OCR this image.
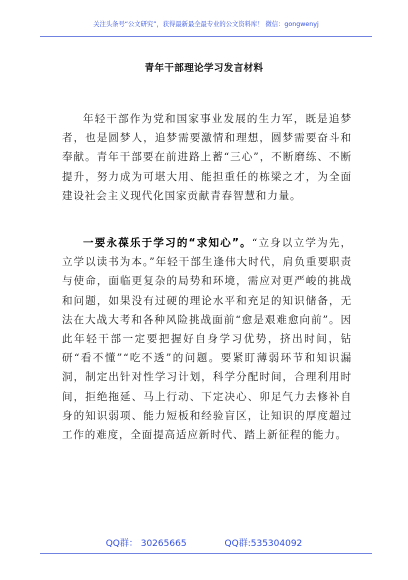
关注头条号“公文研究”，获得最新最全最专业的公文资料库！ 微信：gongwenyj
青年干部理论学习发言材料

年轻干部作为党和国家事业发展的生力军，既是追梦者，也是圆梦人，追梦需要激情和理想，圆梦需要奋斗和奉献。青年干部要在前进路上蓄“三心”，不断磨练、不断提升，努力成为可堪大用、能担重任的栋梁之才，为全面建设社会主义现代化国家贡献青春智慧和力量。

一要永葆乐于学习的“求知心”。“立身以立学为先，立学以读书为本。”年轻干部生逢伟大时代，肩负重要职责与使命，面临更复杂的局势和环境，需应对更严峻的挑战和问题，如果没有过硬的理论水平和充足的知识储备，无法在大战大考和各种风险挑战面前“愈是艰难愈向前”。因此年轻干部一定要把握好自身学习优势，挤出时间，钻研“看不懂”“吃不透”的问题。要紧盯薄弱环节和知识漏洞，制定出针对性学习计划，科学分配时间，合理利用时间，拒绝拖延、马上行动、下定决心、卯足气力去修补自身的知识弱项、能力短板和经验盲区，让知识的厚度超过工作的难度，全面提高适应新时代、踏上新征程的能力。

QQ群： 30265665	QQ群:535304092
